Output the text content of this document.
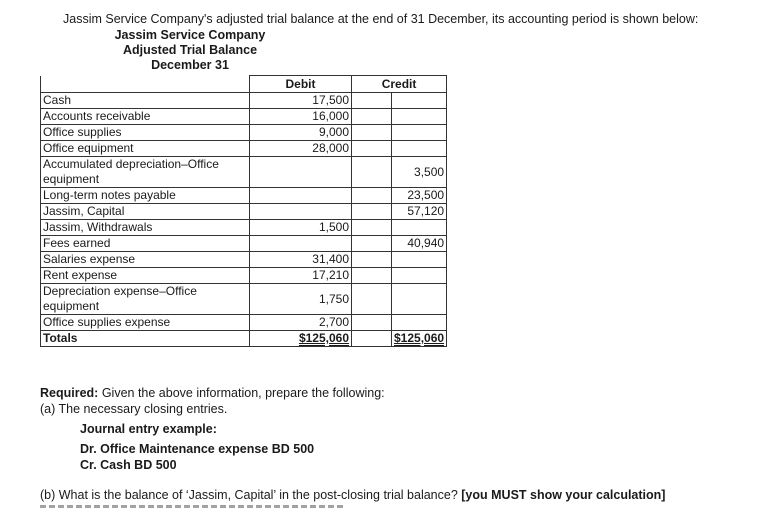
Jassim Service Company's adjusted trial balance at the end of 31 December, its accounting period is shown below:
Jassim Service Company
Adjusted Trial Balance
December 31
	Debit	Credit	
Cash	17,500		
Accounts receivable	16,000		
Office supplies	9,000		
Office equipment	28,000		
Accumulated depreciation–Office equipment			3,500
Long-term notes payable			23,500
Jassim, Capital			57,120
Jassim, Withdrawals	1,500		
Fees earned			40,940
Salaries expense	31,400		
Rent expense	17,210		
Depreciation expense–Office equipment	1,750		
Office supplies expense	2,700		
Totals	$125,060		$125,060
Required: Given the above information, prepare the following:
(a) The necessary closing entries.
Journal entry example:
Dr. Office Maintenance expense BD 500
Cr. Cash BD 500
(b) What is the balance of ‘Jassim, Capital’ in the post-closing trial balance? [you MUST show your calculation]
